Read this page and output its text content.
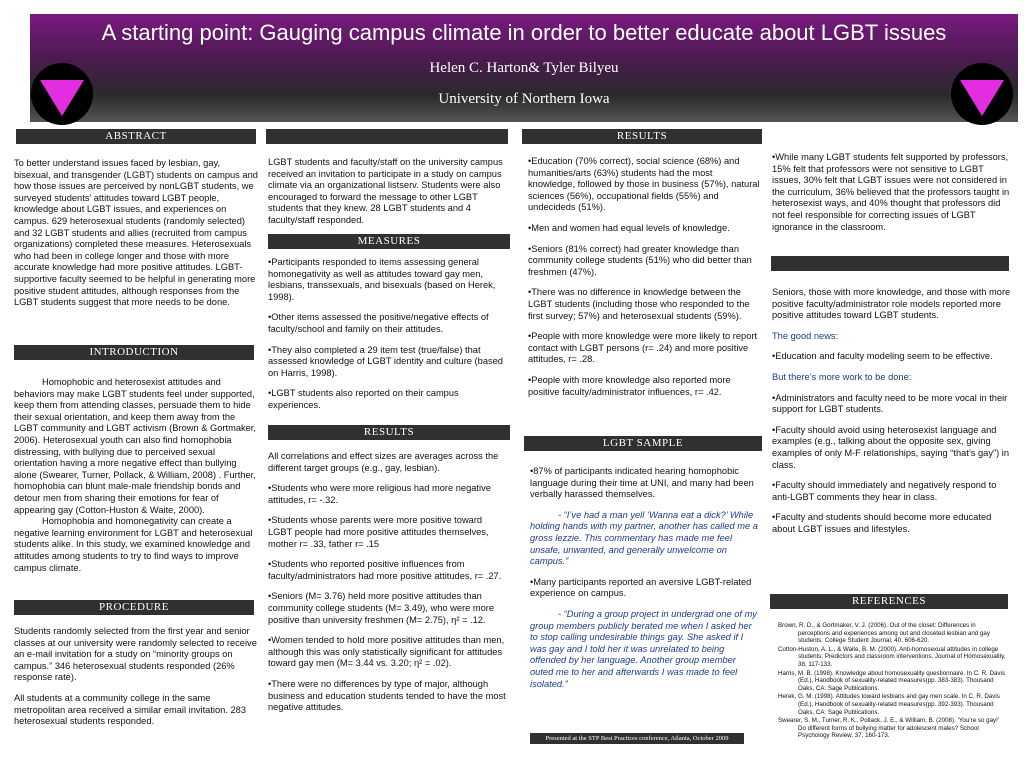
A starting point: Gauging campus climate in order to better educate about LGBT issues
Helen C. Harton& Tyler Bilyeu
University of Northern Iowa
ABSTRACT

To better understand issues faced by lesbian, gay, bisexual, and transgender (LGBT) students on campus and how those issues are perceived by nonLGBT students, we surveyed students’ attitudes toward LGBT people, knowledge about LGBT issues, and experiences on campus. 629 heterosexual students (randomly selected) and 32 LGBT students and allies (recruited from campus organizations) completed these measures. Heterosexuals who had been in college longer and those with more accurate knowledge had more positive attitudes. LGBT-supportive faculty seemed to be helpful in generating more positive student attitudes, although responses from the LGBT students suggest that more needs to be done.

INTRODUCTION

Homophobic and heterosexist attitudes and behaviors may make LGBT students feel under supported, keep them from attending classes, persuade them to hide their sexual orientation, and keep them away from the LGBT community and LGBT activism (Brown & Gortmaker, 2006). Heterosexual youth can also find homophobia distressing, with bullying due to perceived sexual orientation having a more negative effect than bullying alone (Swearer, Turner, Pollack, & William, 2008) . Further, homophobia can blunt male-male friendship bonds and detour men from sharing their emotions for fear of appearing gay (Cotton-Huston & Waite, 2000).

Homophobia and homonegativity can create a negative learning environment for LGBT and heterosexual students alike. In this study, we examined knowledge and attitudes among students to try to find ways to improve campus climate.

PROCEDURE

Students randomly selected from the first year and senior classes at our university were randomly selected to receive an e-mail invitation for a study on “minority groups on campus.” 346 heterosexual students responded (26% response rate).

All students at a community college in the same metropolitan area received a similar email invitation. 283 heterosexual students responded.

LGBT students and faculty/staff on the university campus received an invitation to participate in a study on campus climate via an organizational listserv. Students were also encouraged to forward the message to other LGBT students that they knew. 28 LGBT students and 4 faculty/staff responded.

MEASURES

•Participants responded to items assessing general homonegativity as well as attitudes toward gay men, lesbians, transsexuals, and bisexuals (based on Herek, 1998).

•Other items assessed the positive/negative effects of faculty/school and family on their attitudes.

•They also completed a 29 item test (true/false) that assessed knowledge of LGBT identity and culture (based on Harris, 1998).

•LGBT students also reported on their campus experiences.

RESULTS

All correlations and effect sizes are averages across the different target groups (e.g., gay, lesbian).

•Students who were more religious had more negative attitudes, r= -.32.

•Students whose parents were more positive toward LGBT people had more positive attitudes themselves, mother r= .33, father r= .15

•Students who reported positive influences from faculty/administrators had more positive attitudes, r= .27.

•Seniors (M= 3.76) held more positive attitudes than community college students (M= 3.49), who were more positive than university freshmen (M= 2.75), η² = .12.

•Women tended to hold more positive attitudes than men, although this was only statistically significant for attitudes toward gay men (M= 3.44 vs. 3.20; η² = .02).

•There were no differences by type of major, although business and education students tended to have the most negative attitudes.

RESULTS

•Education (70% correct), social science (68%) and humanities/arts (63%) students had the most knowledge, followed by those in business (57%), natural sciences (56%), occupational fields (55%) and undecideds (51%).

•Men and women had equal levels of knowledge.

•Seniors (81% correct) had greater knowledge than community college students (51%) who did better than freshmen (47%).

•There was no difference in knowledge between the LGBT students (including those who responded to the first survey; 57%) and heterosexual students (59%).

•People with more knowledge were more likely to report contact with LGBT persons (r= .24) and more positive attitudes, r= .28.

•People with more knowledge also reported more positive faculty/administrator influences, r= .42.

LGBT SAMPLE

•87% of participants indicated hearing homophobic language during their time at UNI, and many had been verbally harassed themselves.

- “I’ve had a man yell ‘Wanna eat a dick?’ While holding hands with my partner, another has called me a gross lezzie. This commentary has made me feel unsafe, unwanted, and generally unwelcome on campus.”

•Many participants reported an aversive LGBT-related experience on campus.

- “During a group project in undergrad one of my group members publicly berated me when I asked her to stop calling undesirable things gay. She asked if I was gay and I told her it was unrelated to being offended by her language. Another group member outed me to her and afterwards I was made to feel isolated.”

Presented at the STP Best Practices conference, Atlanta, October 2009

•While many LGBT students felt supported by professors, 15% felt that professors were not sensitive to LGBT issues, 30% felt that LGBT issues were not considered in the curriculum, 36% believed that the professors taught in heterosexist ways, and 40% thought that professors did not feel responsible for correcting issues of LGBT ignorance in the classroom.

Seniors, those with more knowledge, and those with more positive faculty/administrator role models reported more positive attitudes toward LGBT students.

The good news:

•Education and faculty modeling seem to be effective.

But there’s more work to be done:

•Administrators and faculty need to be more vocal in their support for LGBT students.

•Faculty should avoid using heterosexist language and examples (e.g., talking about the opposite sex, giving examples of only M-F relationships, saying “that’s gay”) in class.

•Faculty should immediately and negatively respond to anti-LGBT comments they hear in class.

•Faculty and students should become more educated about LGBT issues and lifestyles.

REFERENCES

Brown, R. D., & Gortmaker, V. J. (2006). Out of the closet: Differences in perceptions and experiences among out and closeted lesbian and gay students. College Student Journal, 40, 606-620.

Cotton-Huston, A. L., & Waite, B. M. (2000). Anti-homosexual attitudes in college students: Predictors and classroom interventions. Journal of Homosexuality, 38, 117-133.

Harris, M. B. (1998). Knowledge about homosexuality questionnaire. In C. R. Davis (Ed.), Handbook of sexuality-related measures(pp. 383-383). Thousand Oaks, CA: Sage Publications.

Herek, G. M. (1998). Attitudes toward lesbians and gay men scale. In C. R. Davis (Ed.), Handbook of sexuality-related measures(pp. 392-393). Thousand Oaks, CA: Sage Publications.

Swearer, S. M., Turner, R. K., Pollack, J. E., & William, B. (2008). ‘You’re so gay!’ Do different forms of bullying matter for adolescent males? School Psychology Review, 37, 160-173.
